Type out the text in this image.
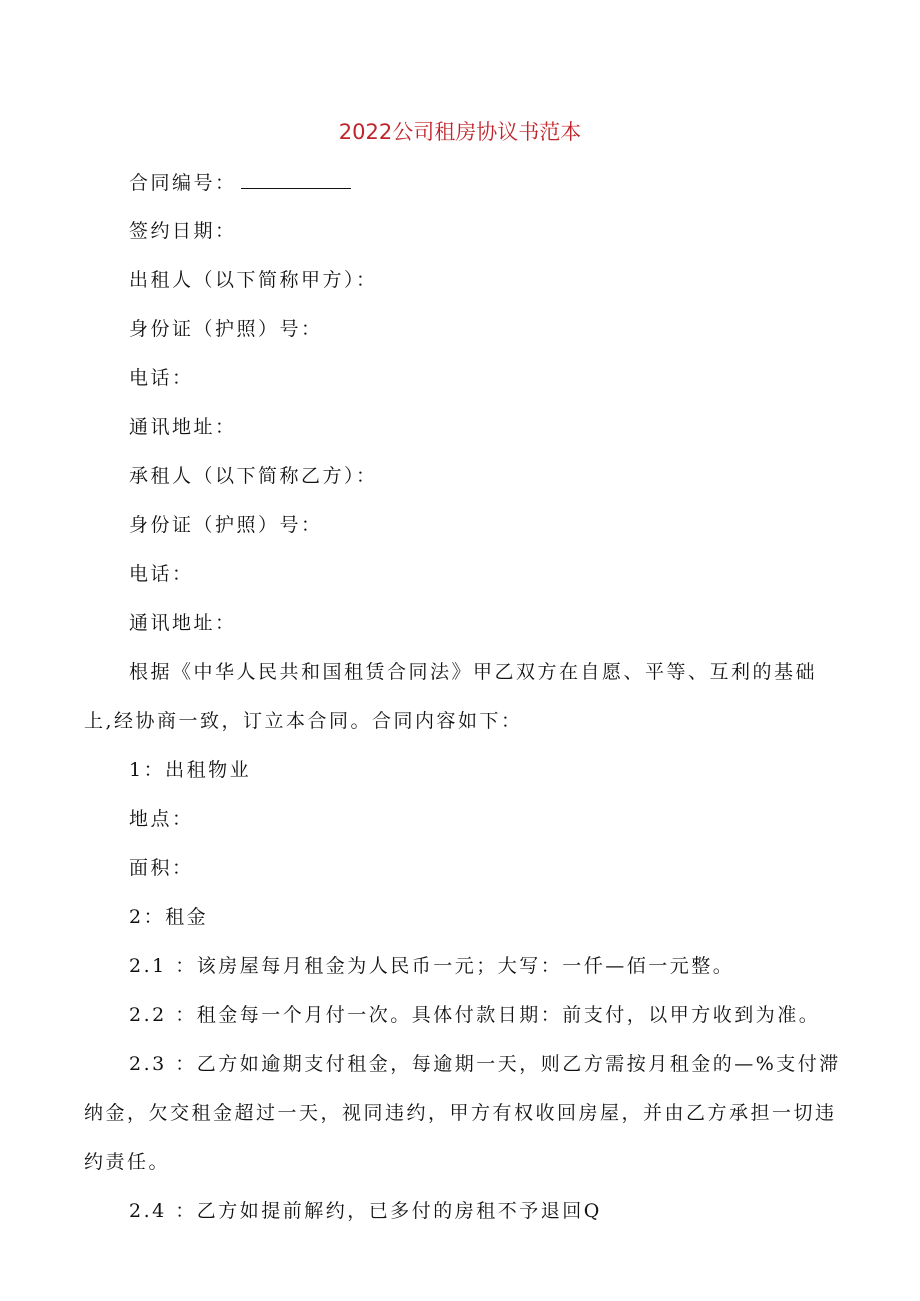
2022公司租房协议书范本
合同编号：
签约日期：
出租人（以下简称甲方）：
身份证（护照）号：
电话：
通讯地址：
承租人（以下简称乙方）：
身份证（护照）号：
电话：
通讯地址：
根据《中华人民共和国租赁合同法》甲乙双方在自愿、平等、互利的基础上,经协商一致，订立本合同。合同内容如下：
1：出租物业
地点：
面积：
2：租金
2.1 ：该房屋每月租金为人民币一元；大写：一仟—佰一元整。
2.2 ：租金每一个月付一次。具体付款日期：前支付，以甲方收到为准。
2.3 ：乙方如逾期支付租金，每逾期一天，则乙方需按月租金的—%支付滞纳金，欠交租金超过一天，视同违约，甲方有权收回房屋，并由乙方承担一切违约责任。
2.4 ：乙方如提前解约，已多付的房租不予退回Q
